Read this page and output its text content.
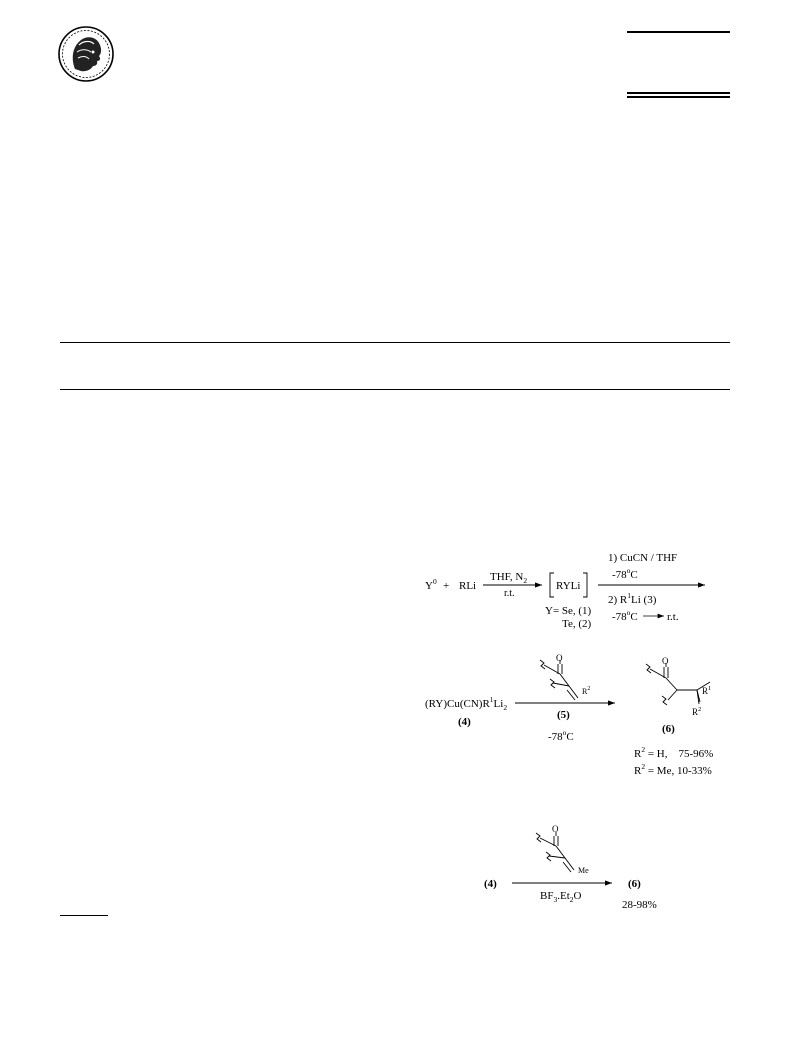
$Y^0$ + RLi
THF, $N_2$
r.t.
RYLi
Y= Se, (1)
Te, (2)
1) CuCN / THF
-78$^o$C
2) $R^1Li$ (3)
-78$^o$C	r.t.
$(RY)Cu(CN)R^1Li_2$
(4)
O
$R^2$
(5)
-78$^o$C
O
$R^1$
$R^2$
(6)
$R^2 = H$,    75-96%
$R^2 = Me$, 10-33%
(4)
O
Me
$BF_3.Et_2O$
(6)
28-98%
